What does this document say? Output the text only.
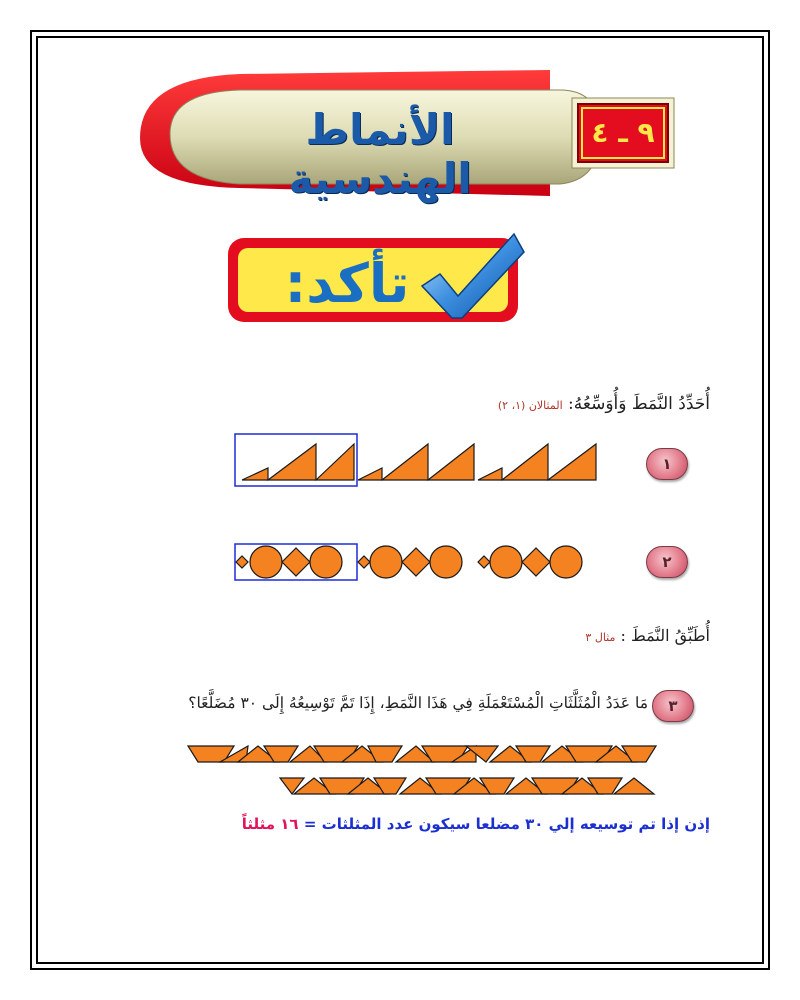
الأنماط الهندسية
٩ ـ ٤
تأكد:
أُحَدِّدُ النَّمَطَ وَأُوَسِّعُهُ: المثالان (١، ٢)
١
٢
أُطَبِّقُ النَّمَطَ : مثال ٣
٣
مَا عَدَدُ الْمُثَلَّثَاتِ الْمُسْتَعْمَلَةِ فِي هَذَا النَّمَطِ، إِذَا تَمَّ تَوْسِيعُهُ إِلَى ٣٠ مُضَلَّعًا؟
إذن إذا تم توسيعه إلي ٣٠ مضلعا سيكون عدد المثلثات = ١٦ مثلثاً
